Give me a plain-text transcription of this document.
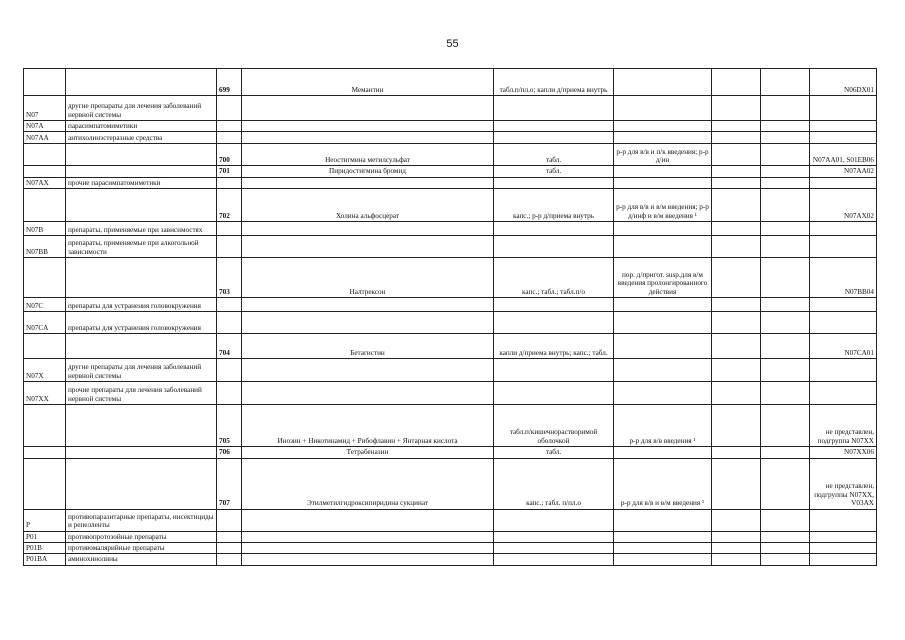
55
		699	Мемантин	табл.п/пл.о; капли д/приема внутрь				N06DX01
N07	другие препараты для лечения заболеваний нервной системы							
N07A	парасимпатомиметики							
N07AA	антихолинэстеразные средства							
		700	Неостигмина метилсульфат	табл.	р-р для в/в и п/к введения; р-р д/ин			N07AA01, S01EB06
		701	Пиридостигмина бромид	табл.				N07AA02
N07AX	прочие парасимпатомиметики							
		702	Холина альфосцерат	капс.; р-р д/приема внутрь	р-р для в/в и в/м введения; р-р д/инф и в/м введения ¹			N07AX02
N07B	препараты, применяемые при зависимостях							
N07BB	препараты, применяемые при алкогольной зависимости							
		703	Налтрексон	капс.; табл.; табл.п/о	пор. д/пригот. susp.для в/м введения пролонгированного действия			N07BB04
N07C	препараты для устранения головокружения							
N07CA	препараты для устранения головокружения							
		704	Бетагистин	капли д/приема внутрь; капс.; табл.				N07CA01
N07X	другие препараты для лечения заболеваний нервной системы							
N07XX	прочие препараты для лечения заболеваний нервной системы							
		705	Инозин + Никотинамид + Рибофлавин + Янтарная кислота	табл.п/кишечнорастворимой оболочкой	р-р для в/в введения ¹			не представлен, подгруппа N07XX
		706	Тетрабеназин	табл.				N07XX06
		707	Этилметилгидроксипиридина сукцинат	капс.; табл. п/пл.о	р-р для в/в и в/м введения ¹			не представлен, подгруппы N07XX, V03AX
P	противопаразитарные препараты, инсектициды и репелленты							
P01	противопротозойные препараты							
P01B	противомалярийные препараты							
P01BA	аминохинолины							
